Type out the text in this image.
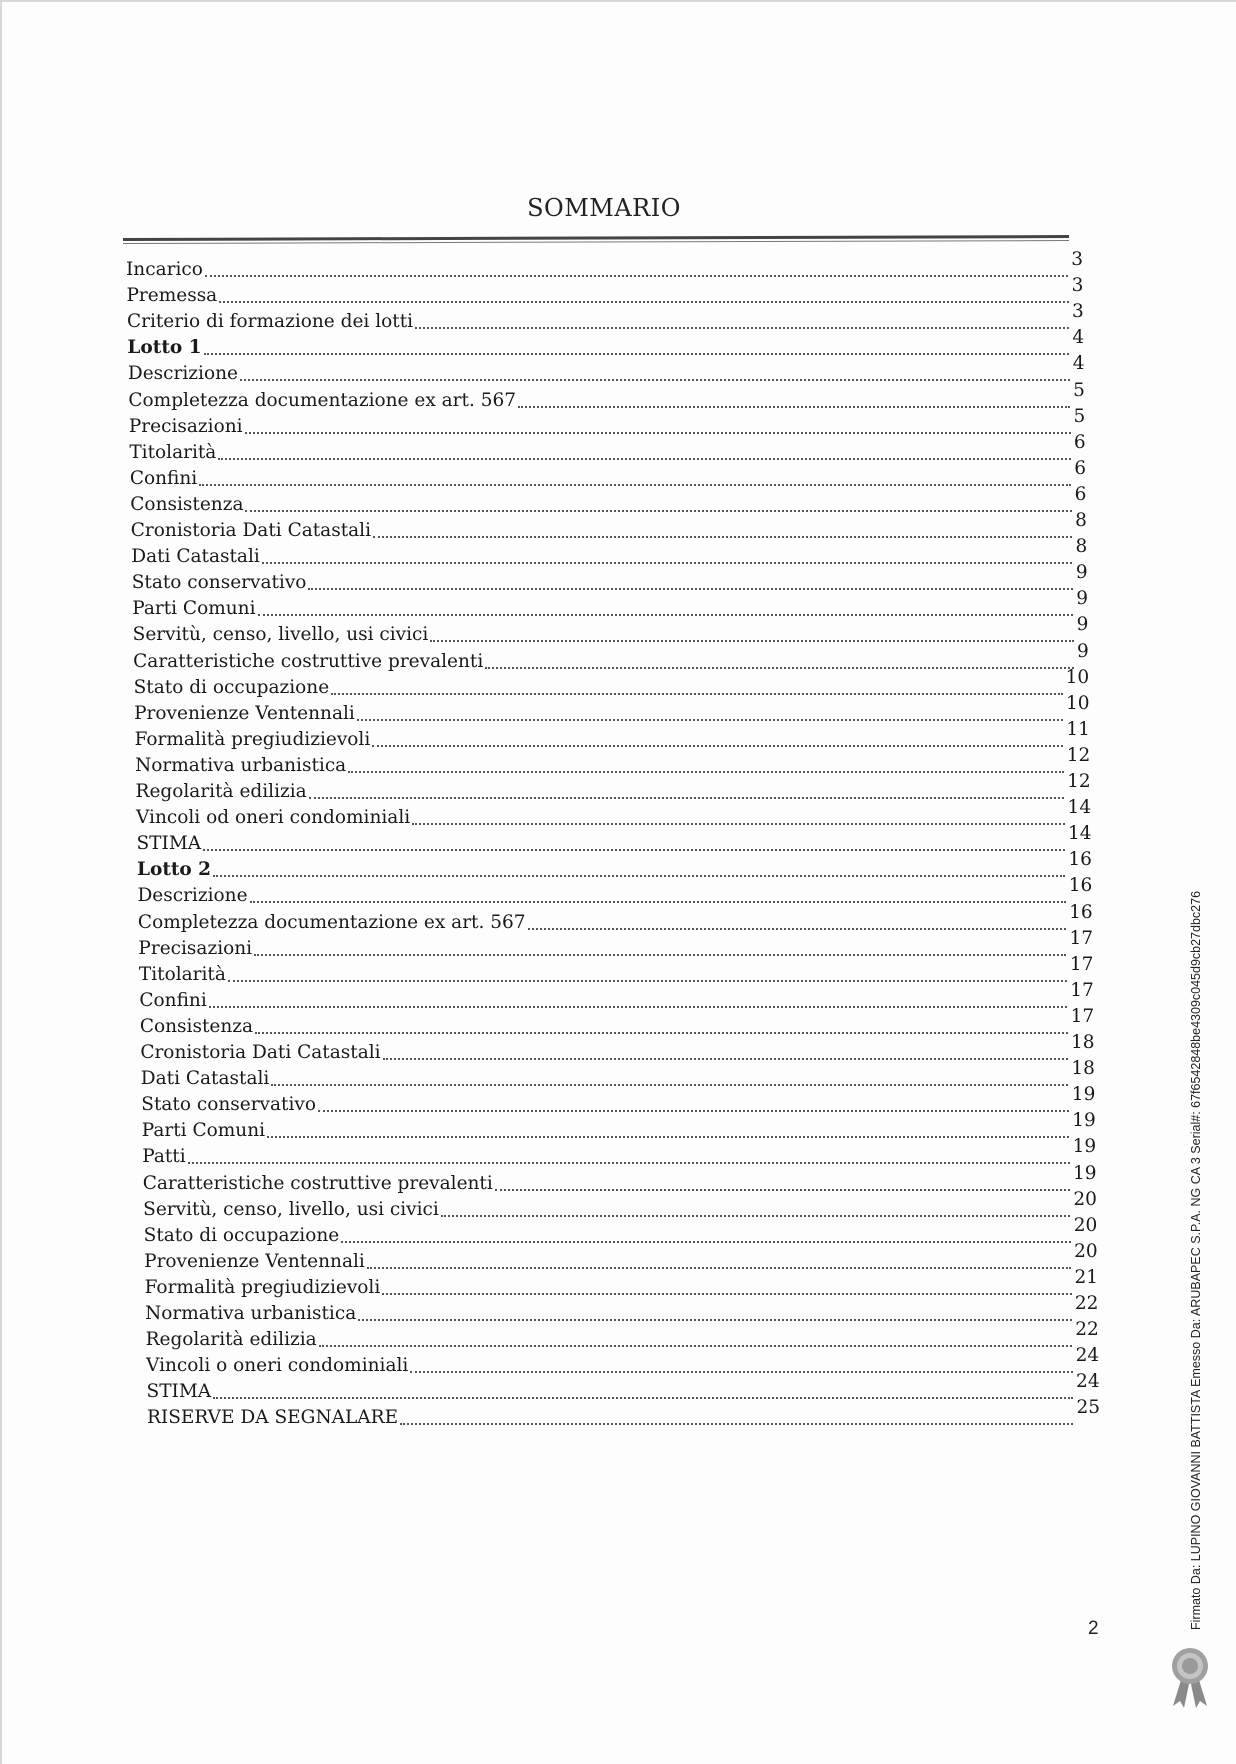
SOMMARIO
Incarico	3
Premessa	3
Criterio di formazione dei lotti	3
Lotto 1	4
Descrizione	4
Completezza documentazione ex art. 567	5
Precisazioni	5
Titolarità	6
Confini	6
Consistenza	6
Cronistoria Dati Catastali	8
Dati Catastali	8
Stato conservativo	9
Parti Comuni	9
Servitù, censo, livello, usi civici	9
Caratteristiche costruttive prevalenti	9
Stato di occupazione	10
Provenienze Ventennali	10
Formalità pregiudizievoli	11
Normativa urbanistica	12
Regolarità edilizia	12
Vincoli od oneri condominiali	14
STIMA	14
Lotto 2	16
Descrizione	16
Completezza documentazione ex art. 567	16
Precisazioni	17
Titolarità	17
Confini	17
Consistenza	17
Cronistoria Dati Catastali	18
Dati Catastali	18
Stato conservativo	19
Parti Comuni	19
Patti	19
Caratteristiche costruttive prevalenti	19
Servitù, censo, livello, usi civici	20
Stato di occupazione	20
Provenienze Ventennali	20
Formalità pregiudizievoli	21
Normativa urbanistica	22
Regolarità edilizia	22
Vincoli o oneri condominiali	24
STIMA	24
RISERVE DA SEGNALARE	25
2	Firmato Da: LUPINO GIOVANNI BATTISTA Emesso Da: ARUBAPEC S.P.A. NG CA 3 Serial#: 67f6542848be4309c045d9cb27dbc276
